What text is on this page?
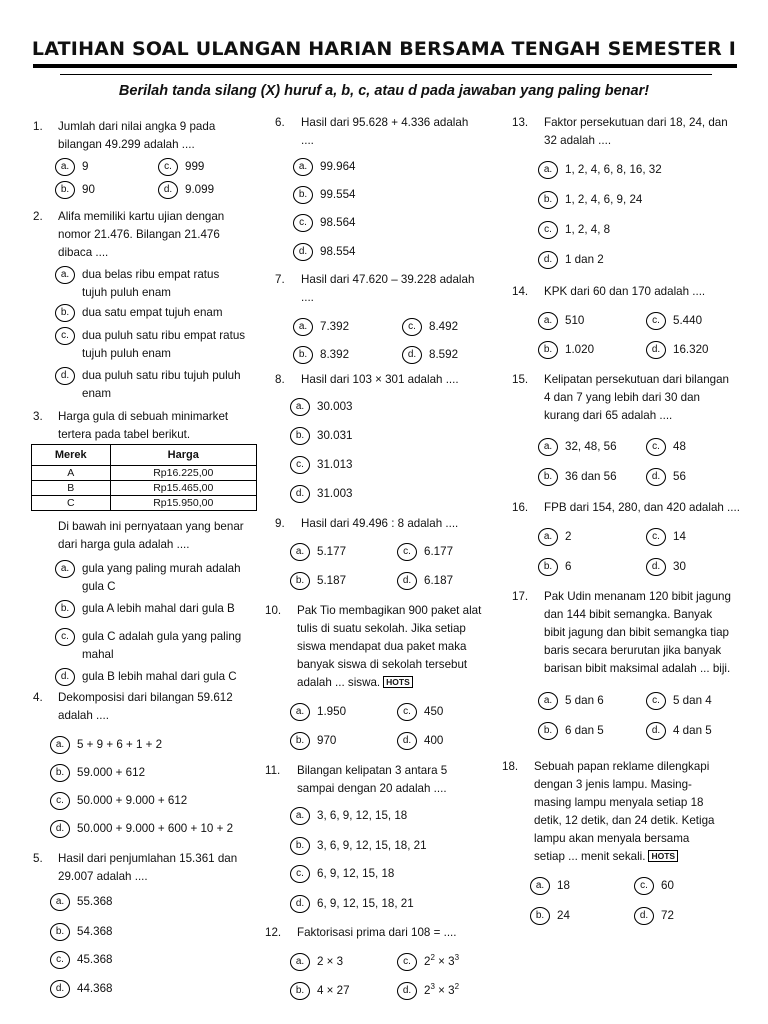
LATIHAN SOAL ULANGAN HARIAN BERSAMA TENGAH SEMESTER I
Berilah tanda silang (X) huruf a, b, c, atau d pada jawaban yang paling benar!
1. Jumlah dari nilai angka 9 pada
bilangan 49.299 adalah ....
a.	9	c.	999
b.	90	d.	9.099
2. Alifa memiliki kartu ujian dengan
nomor 21.476. Bilangan 21.476
dibaca ....
a.	dua belas ribu empat ratus
tujuh puluh enam
b.	dua satu empat tujuh enam
c.	dua puluh satu ribu empat ratus
tujuh puluh enam
d.	dua puluh satu ribu tujuh puluh
enam
3. Harga gula di sebuah minimarket
tertera pada tabel berikut.
Merek	Harga
A	Rp16.225,00
B	Rp15.465,00
C	Rp15.950,00
Di bawah ini pernyataan yang benar
dari harga gula adalah ....
a.	gula yang paling murah adalah
gula C
b.	gula A lebih mahal dari gula B
c.	gula C adalah gula yang paling
mahal
d.	gula B lebih mahal dari gula C
4. Dekomposisi dari bilangan 59.612
adalah ....
a.	5 + 9 + 6 + 1 + 2
b.	59.000 + 612
c.	50.000 + 9.000 + 612
d.	50.000 + 9.000 + 600 + 10 + 2
5. Hasil dari penjumlahan 15.361 dan
29.007 adalah ....
a.	55.368
b.	54.368
c.	45.368
d.	44.368
6. Hasil dari 95.628 + 4.336 adalah
....
a.	99.964
b.	99.554
c.	98.564
d.	98.554
7. Hasil dari 47.620 – 39.228 adalah
....
a.	7.392	c.	8.492
b.	8.392	d.	8.592
8. Hasil dari 103 × 301 adalah ....
a.	30.003
b.	30.031
c.	31.013
d.	31.003
9. Hasil dari 49.496 : 8 adalah ....
a.	5.177	c.	6.177
b.	5.187	d.	6.187
10. Pak Tio membagikan 900 paket alat
tulis di suatu sekolah. Jika setiap
siswa mendapat dua paket maka
banyak siswa di sekolah tersebut
adalah ... siswa. HOTS
a.	1.950	c.	450
b.	970	d.	400
11. Bilangan kelipatan 3 antara 5
sampai dengan 20 adalah ....
a.	3, 6, 9, 12, 15, 18
b.	3, 6, 9, 12, 15, 18, 21
c.	6, 9, 12, 15, 18
d.	6, 9, 12, 15, 18, 21
12. Faktorisasi prima dari 108 = ....
a.	2 × 3	c.	$2^2 \times 3^3$
b.	4 × 27	d.	$2^3 \times 3^2$
13. Faktor persekutuan dari 18, 24, dan
32 adalah ....
a.	1, 2, 4, 6, 8, 16, 32
b.	1, 2, 4, 6, 9, 24
c.	1, 2, 4, 8
d.	1 dan 2
14. KPK dari 60 dan 170 adalah ....
a.	510	c.	5.440
b.	1.020	d.	16.320
15. Kelipatan persekutuan dari bilangan
4 dan 7 yang lebih dari 30 dan
kurang dari 65 adalah ....
a.	32, 48, 56	c.	48
b.	36 dan 56	d.	56
16. FPB dari 154, 280, dan 420 adalah ....
a.	2	c.	14
b.	6	d.	30
17. Pak Udin menanam 120 bibit jagung
dan 144 bibit semangka. Banyak
bibit jagung dan bibit semangka tiap
baris secara berurutan jika banyak
barisan bibit maksimal adalah ... biji.
a.	5 dan 6	c.	5 dan 4
b.	6 dan 5	d.	4 dan 5
18. Sebuah papan reklame dilengkapi
dengan 3 jenis lampu. Masing-
masing lampu menyala setiap 18
detik, 12 detik, dan 24 detik. Ketiga
lampu akan menyala bersama
setiap ... menit sekali. HOTS
a.	18	c.	60
b.	24	d.	72
